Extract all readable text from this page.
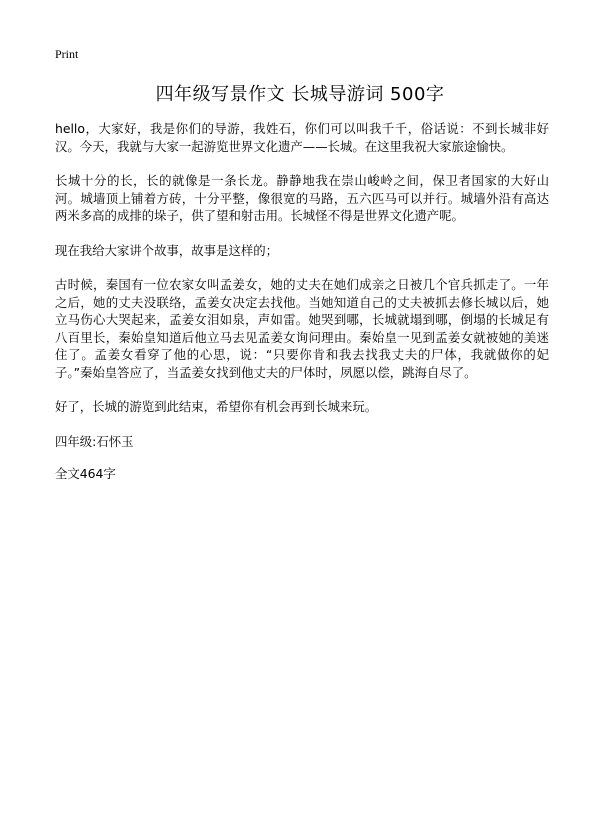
Print
四年级写景作文 长城导游词 500字

hello，大家好，我是你们的导游，我姓石，你们可以叫我千千，俗话说：不到长城非好汉。今天，我就与大家一起游览世界文化遗产——长城。在这里我祝大家旅途愉快。

长城十分的长，长的就像是一条长龙。静静地我在崇山峻岭之间，保卫者国家的大好山河。城墙顶上铺着方砖，十分平整，像很宽的马路，五六匹马可以并行。城墙外沿有高达两米多高的成排的垛子，供了望和射击用。长城怪不得是世界文化遗产呢。

现在我给大家讲个故事，故事是这样的；

古时候，秦国有一位农家女叫孟姜女，她的丈夫在她们成亲之日被几个官兵抓走了。一年之后，她的丈夫没联络，孟姜女决定去找他。当她知道自己的丈夫被抓去修长城以后，她立马伤心大哭起来，孟姜女泪如泉，声如雷。她哭到哪，长城就塌到哪，倒塌的长城足有八百里长，秦始皇知道后他立马去见孟姜女询问理由。秦始皇一见到孟姜女就被她的美迷住了。孟姜女看穿了他的心思，说：“只要你肯和我去找我丈夫的尸体，我就做你的妃子。”秦始皇答应了，当孟姜女找到他丈夫的尸体时，夙愿以偿，跳海自尽了。

好了，长城的游览到此结束，希望你有机会再到长城来玩。

四年级:石怀玉

全文464字
